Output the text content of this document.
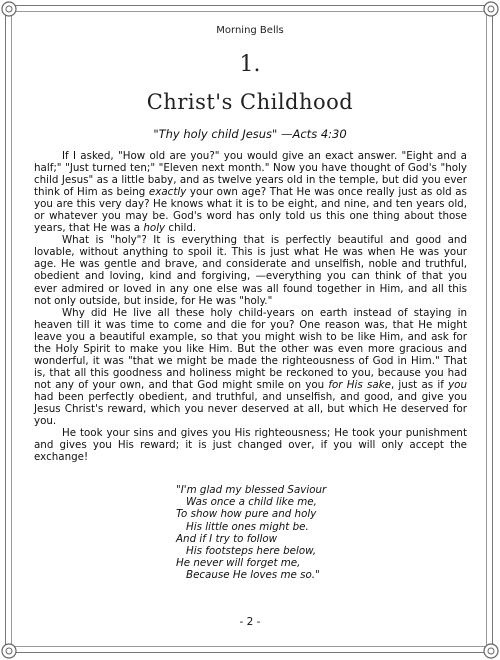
Morning Bells
1.
Christ's Childhood
"Thy holy child Jesus" —Acts 4:30

If I asked, "How old are you?" you would give an exact answer. "Eight and a half;" "Just turned ten;" "Eleven next month." Now you have thought of God's "holy child Jesus" as a little baby, and as twelve years old in the temple, but did you ever think of Him as being exactly your own age? That He was once really just as old as you are this very day? He knows what it is to be eight, and nine, and ten years old, or whatever you may be. God's word has only told us this one thing about those years, that He was a holy child.

What is "holy"? It is everything that is perfectly beautiful and good and lovable, without anything to spoil it. This is just what He was when He was your age. He was gentle and brave, and considerate and unselfish, noble and truthful, obedient and loving, kind and forgiving, —everything you can think of that you ever admired or loved in any one else was all found together in Him, and all this not only outside, but inside, for He was "holy."

Why did He live all these holy child-years on earth instead of staying in heaven till it was time to come and die for you? One reason was, that He might leave you a beautiful example, so that you might wish to be like Him, and ask for the Holy Spirit to make you like Him. But the other was even more gracious and wonderful, it was "that we might be made the righteousness of God in Him." That is, that all this goodness and holiness might be reckoned to you, because you had not any of your own, and that God might smile on you for His sake, just as if you had been perfectly obedient, and truthful, and unselfish, and good, and give you Jesus Christ's reward, which you never deserved at all, but which He deserved for you.

He took your sins and gives you His righteousness; He took your punishment and gives you His reward; it is just changed over, if you will only accept the exchange!

"I'm glad my blessed Saviour
Was once a child like me,
To show how pure and holy
His little ones might be.
And if I try to follow
His footsteps here below,
He never will forget me,
Because He loves me so."
- 2 -
